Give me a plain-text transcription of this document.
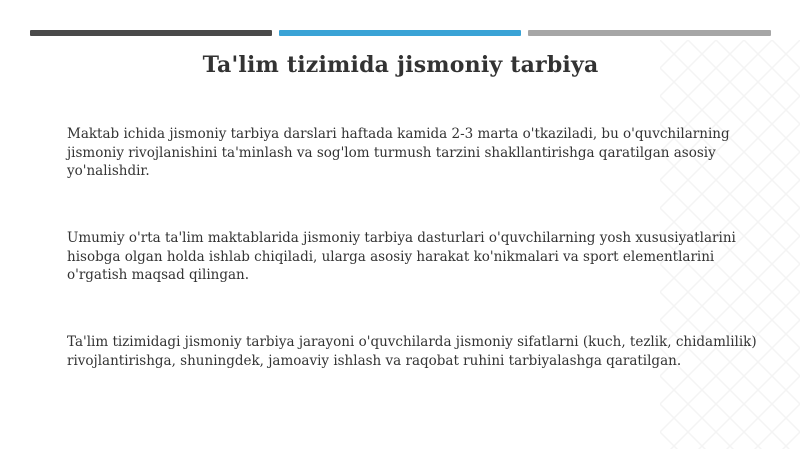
Ta'lim tizimida jismoniy tarbiya

Maktab ichida jismoniy tarbiya darslari haftada kamida 2-3 marta o'tkaziladi, bu o'quvchilarning jismoniy rivojlanishini ta'minlash va sog'lom turmush tarzini shakllantirishga qaratilgan asosiy yo'nalishdir.

Umumiy o'rta ta'lim maktablarida jismoniy tarbiya dasturlari o'quvchilarning yosh xususiyatlarini hisobga olgan holda ishlab chiqiladi, ularga asosiy harakat ko'nikmalari va sport elementlarini o'rgatish maqsad qilingan.

Ta'lim tizimidagi jismoniy tarbiya jarayoni o'quvchilarda jismoniy sifatlarni (kuch, tezlik, chidamlilik) rivojlantirishga, shuningdek, jamoaviy ishlash va raqobat ruhini tarbiyalashga qaratilgan.
